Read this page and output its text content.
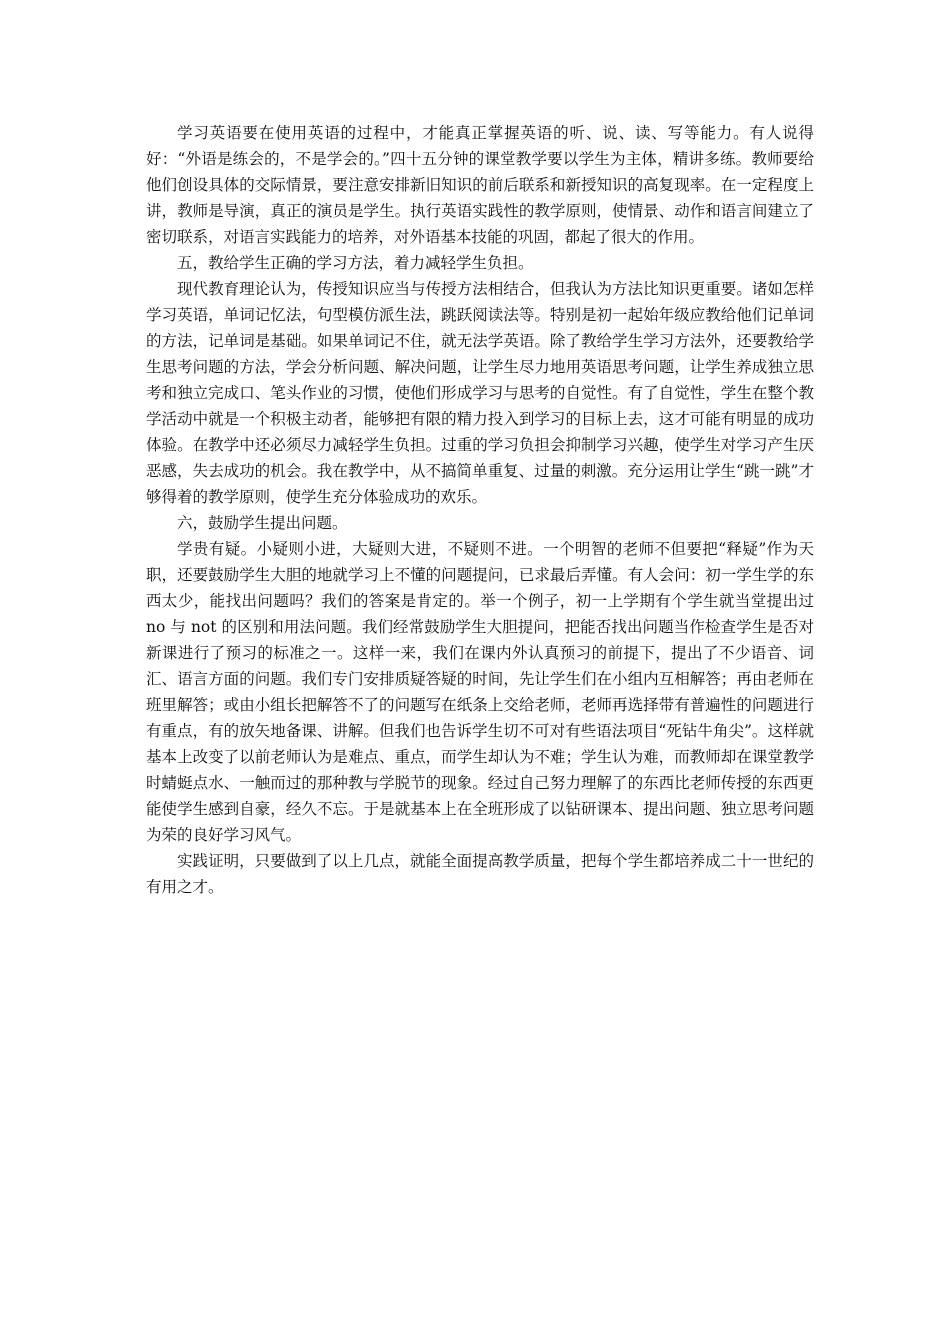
学习英语要在使用英语的过程中，才能真正掌握英语的听、说、读、写等能力。有人说得好：“外语是练会的，不是学会的。”四十五分钟的课堂教学要以学生为主体，精讲多练。教师要给他们创设具体的交际情景，要注意安排新旧知识的前后联系和新授知识的高复现率。在一定程度上讲，教师是导演，真正的演员是学生。执行英语实践性的教学原则，使情景、动作和语言间建立了密切联系，对语言实践能力的培养，对外语基本技能的巩固，都起了很大的作用。

五，教给学生正确的学习方法，着力减轻学生负担。

现代教育理论认为，传授知识应当与传授方法相结合，但我认为方法比知识更重要。诸如怎样学习英语，单词记忆法，句型模仿派生法，跳跃阅读法等。特别是初一起始年级应教给他们记单词的方法，记单词是基础。如果单词记不住，就无法学英语。除了教给学生学习方法外，还要教给学生思考问题的方法，学会分析问题、解决问题，让学生尽力地用英语思考问题，让学生养成独立思考和独立完成口、笔头作业的习惯，使他们形成学习与思考的自觉性。有了自觉性，学生在整个教学活动中就是一个积极主动者，能够把有限的精力投入到学习的目标上去，这才可能有明显的成功体验。在教学中还必须尽力减轻学生负担。过重的学习负担会抑制学习兴趣，使学生对学习产生厌恶感，失去成功的机会。我在教学中，从不搞简单重复、过量的刺激。充分运用让学生“跳一跳”才够得着的教学原则，使学生充分体验成功的欢乐。

六，鼓励学生提出问题。

学贵有疑。小疑则小进，大疑则大进，不疑则不进。一个明智的老师不但要把“释疑”作为天职，还要鼓励学生大胆的地就学习上不懂的问题提问，已求最后弄懂。有人会问：初一学生学的东西太少，能找出问题吗？我们的答案是肯定的。举一个例子，初一上学期有个学生就当堂提出过 no 与 not 的区别和用法问题。我们经常鼓励学生大胆提问，把能否找出问题当作检查学生是否对新课进行了预习的标准之一。这样一来，我们在课内外认真预习的前提下，提出了不少语音、词汇、语言方面的问题。我们专门安排质疑答疑的时间，先让学生们在小组内互相解答；再由老师在班里解答；或由小组长把解答不了的问题写在纸条上交给老师，老师再选择带有普遍性的问题进行有重点，有的放矢地备课、讲解。但我们也告诉学生切不可对有些语法项目“死钻牛角尖”。这样就基本上改变了以前老师认为是难点、重点，而学生却认为不难；学生认为难，而教师却在课堂教学时蜻蜓点水、一触而过的那种教与学脱节的现象。经过自己努力理解了的东西比老师传授的东西更能使学生感到自豪，经久不忘。于是就基本上在全班形成了以钻研课本、提出问题、独立思考问题为荣的良好学习风气。

实践证明，只要做到了以上几点，就能全面提高教学质量，把每个学生都培养成二十一世纪的有用之才。
